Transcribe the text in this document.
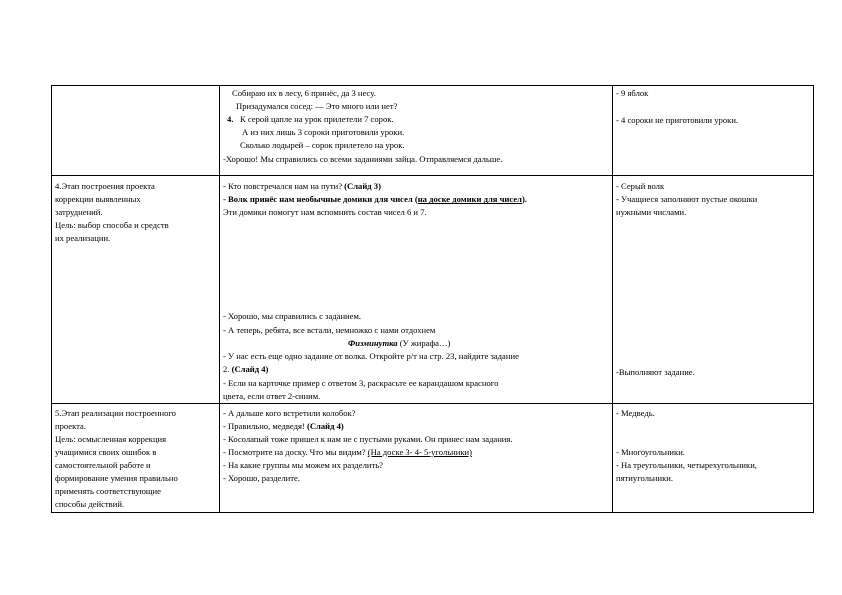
Собираю их в лесу, 6 принёс, да 3 несу.
Призадумался сосед: — Это много или нет?
4. К серой цапле на урок прилетели 7 сорок.
А из них лишь 3 сороки приготовили уроки.
Сколько лодырей – сорок прилетело на урок.
-Хорошо! Мы справились со всеми заданиями зайца. Отправляемся дальше.
- 9 яблок
- 4 сороки не приготовили уроки.
4.Этап построения проекта
коррекции выявленных
затруднений.
Цель: выбор способа и средств
их реализации.
- Кто повстречался нам на пути? (Слайд 3)
- Волк принёс нам необычные домики для чисел (на доске домики для чисел).
Эти домики помогут нам вспомнить состав чисел 6 и 7.
- Хорошо, мы справились с заданием.
- А теперь, ребята, все встали, немножко с нами отдохнем
Физминутка (У жирафа…)
- У нас есть еще одно задание от волка. Откройте р/т на стр. 23, найдите задание
2. (Слайд 4)
- Если на карточке пример с ответом 3, раскрасьте ее карандашом красного
цвета, если ответ 2-синим.
- Серый волк
- Учащиеся заполняют пустые окошки
нужными числами.
-Выполняют задание.
5.Этап реализации построенного
проекта.
Цель: осмысленная коррекция
учащимися своих ошибок в
самостоятельной работе и
формирование умения правильно
применять соответствующие
способы действий.
- А дальше кого встретили колобок?
- Правильно, медведя! (Слайд 4)
- Косолапый тоже пришел к нам не с пустыми руками. Он принес нам задания.
- Посмотрите на доску. Что мы видим? (На доске 3- 4- 5-угольники)
- На какие группы мы можем их разделить?
- Хорошо, разделите.
- Медведь.
- Многоугольники.
- На треугольники, четырехугольники,
пятиугольники.
